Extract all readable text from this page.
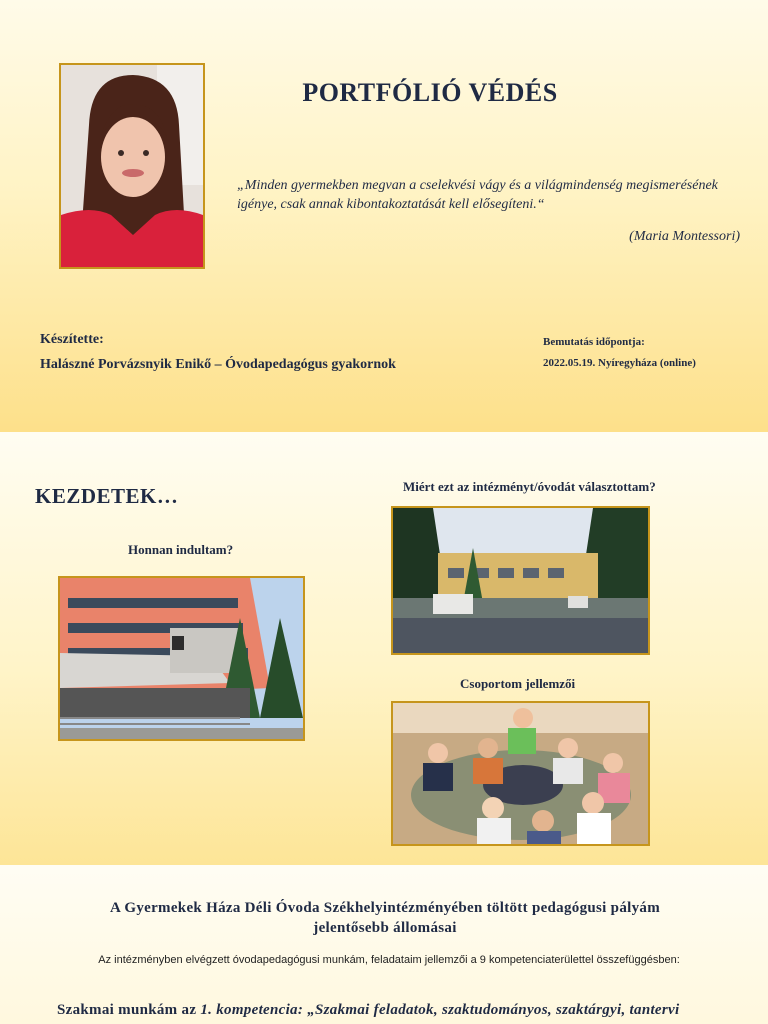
PORTFÓLIÓ VÉDÉS
„Minden gyermekben megvan a cselekvési vágy és a világmindenség megismerésének igénye, csak annak kibontakoztatását kell elősegíteni.“
(Maria Montessori)
Készítette:
Halászné Porvázsnyik Enikő – Óvodapedagógus gyakornok
Bemutatás időpontja:
2022.05.19. Nyíregyháza (online)
KEZDETEK…
Honnan indultam?
Miért ezt az intézményt/óvodát választottam?
Csoportom jellemzői
A Gyermekek Háza Déli Óvoda Székhelyintézményében töltött pedagógusi pályám jelentősebb állomásai
Az intézményben elvégzett óvodapedagógusi munkám, feladataim jellemzői a 9 kompetenciaterülettel összefüggésben:
Szakmai munkám az 1. kompetencia: „Szakmai feladatok, szaktudományos, szaktárgyi, tantervi
